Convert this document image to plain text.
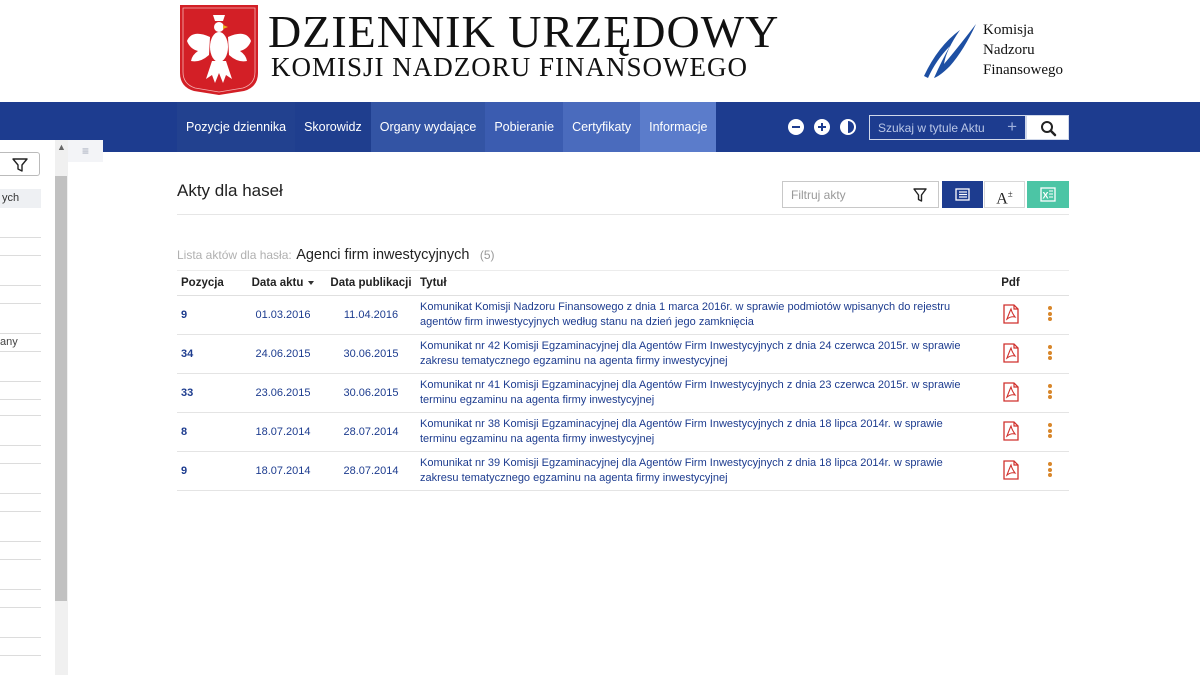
DZIENNIK URZĘDOWY
KOMISJI NADZORU FINANSOWEGO
Komisja
Nadzoru
Finansowego
Pozycje dziennika	Skorowidz	Organy wydające	Pobieranie	Certyfikaty	Informacje
Szukaj w tytule Aktu	+
ych
any
▲	≡
Akty dla haseł
Filtruj akty	A±	X
Lista aktów dla hasła: Agenci firm inwestycyjnych (5)
Pozycja	Data aktu	Data publikacji	Tytuł	Pdf	
9	01.03.2016	11.04.2016	Komunikat Komisji Nadzoru Finansowego z dnia 1 marca 2016r. w sprawie podmiotów wpisanych do rejestru agentów firm inwestycyjnych według stanu na dzień jego zamknięcia		

34	24.06.2015	30.06.2015	Komunikat nr 42 Komisji Egzaminacyjnej dla Agentów Firm Inwestycyjnych z dnia 24 czerwca 2015r. w sprawie zakresu tematycznego egzaminu na agenta firmy inwestycyjnej		

33	23.06.2015	30.06.2015	Komunikat nr 41 Komisji Egzaminacyjnej dla Agentów Firm Inwestycyjnych z dnia 23 czerwca 2015r. w sprawie terminu egzaminu na agenta firmy inwestycyjnej		

8	18.07.2014	28.07.2014	Komunikat nr 38 Komisji Egzaminacyjnej dla Agentów Firm Inwestycyjnych z dnia 18 lipca 2014r. w sprawie terminu egzaminu na agenta firmy inwestycyjnej		

9	18.07.2014	28.07.2014	Komunikat nr 39 Komisji Egzaminacyjnej dla Agentów Firm Inwestycyjnych z dnia 18 lipca 2014r. w sprawie zakresu tematycznego egzaminu na agenta firmy inwestycyjnej		
